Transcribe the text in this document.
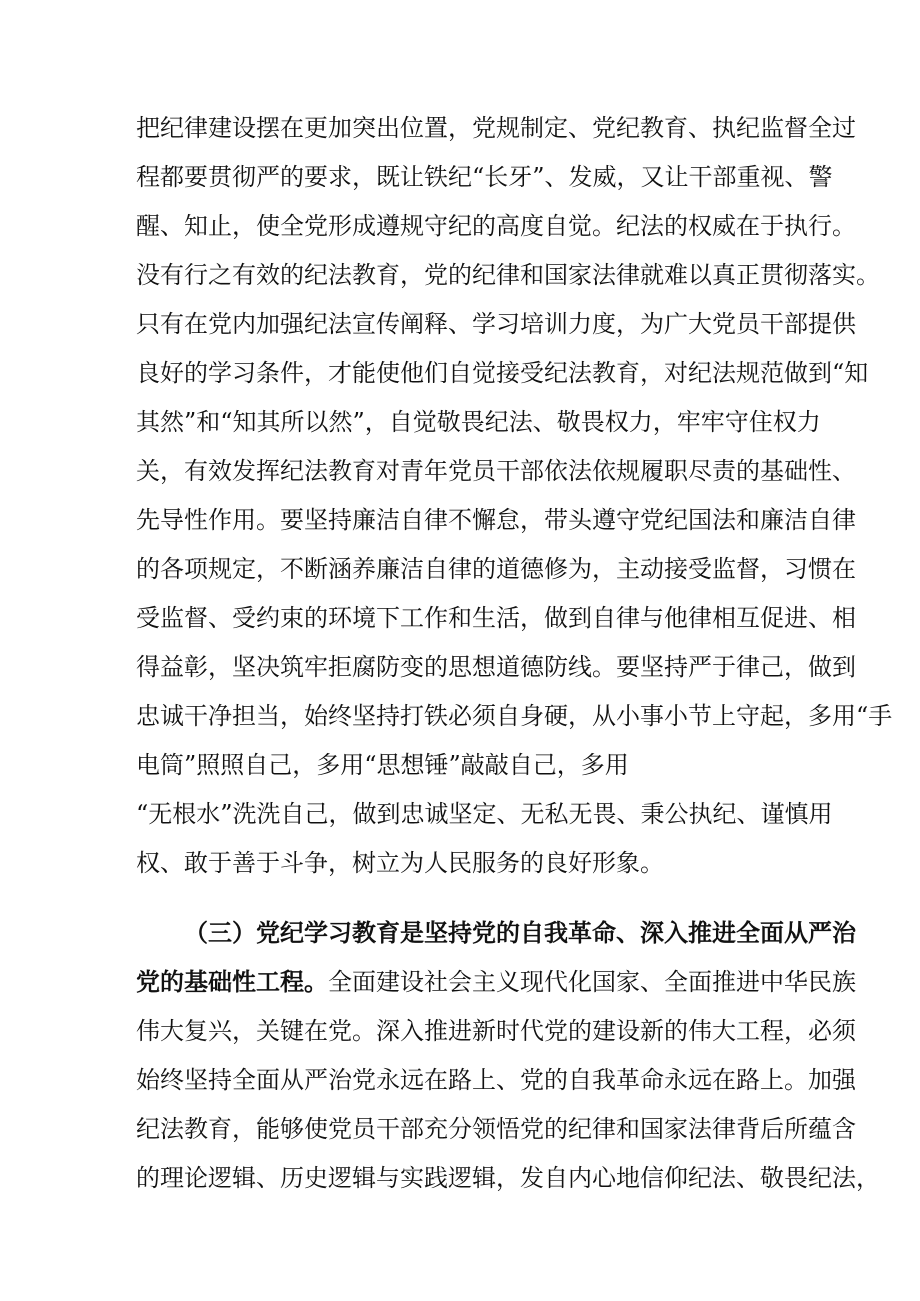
把纪律建设摆在更加突出位置，党规制定、党纪教育、执纪监督全过
程都要贯彻严的要求，既让铁纪“长牙”、发威，又让干部重视、警
醒、知止，使全党形成遵规守纪的高度自觉。纪法的权威在于执行。
没有行之有效的纪法教育，党的纪律和国家法律就难以真正贯彻落实。
只有在党内加强纪法宣传阐释、学习培训力度，为广大党员干部提供
良好的学习条件，才能使他们自觉接受纪法教育，对纪法规范做到“知
其然”和“知其所以然”，自觉敬畏纪法、敬畏权力，牢牢守住权力
关，有效发挥纪法教育对青年党员干部依法依规履职尽责的基础性、
先导性作用。要坚持廉洁自律不懈怠，带头遵守党纪国法和廉洁自律
的各项规定，不断涵养廉洁自律的道德修为，主动接受监督，习惯在
受监督、受约束的环境下工作和生活，做到自律与他律相互促进、相
得益彰，坚决筑牢拒腐防变的思想道德防线。要坚持严于律己，做到
忠诚干净担当，始终坚持打铁必须自身硬，从小事小节上守起，多用“手
电筒”照照自己，多用“思想锤”敲敲自己，多用
“无根水”洗洗自己，做到忠诚坚定、无私无畏、秉公执纪、谨慎用
权、敢于善于斗争，树立为人民服务的良好形象。
（三）党纪学习教育是坚持党的自我革命、深入推进全面从严治
党的基础性工程。全面建设社会主义现代化国家、全面推进中华民族
伟大复兴，关键在党。深入推进新时代党的建设新的伟大工程，必须
始终坚持全面从严治党永远在路上、党的自我革命永远在路上。加强
纪法教育，能够使党员干部充分领悟党的纪律和国家法律背后所蕴含
的理论逻辑、历史逻辑与实践逻辑，发自内心地信仰纪法、敬畏纪法，
